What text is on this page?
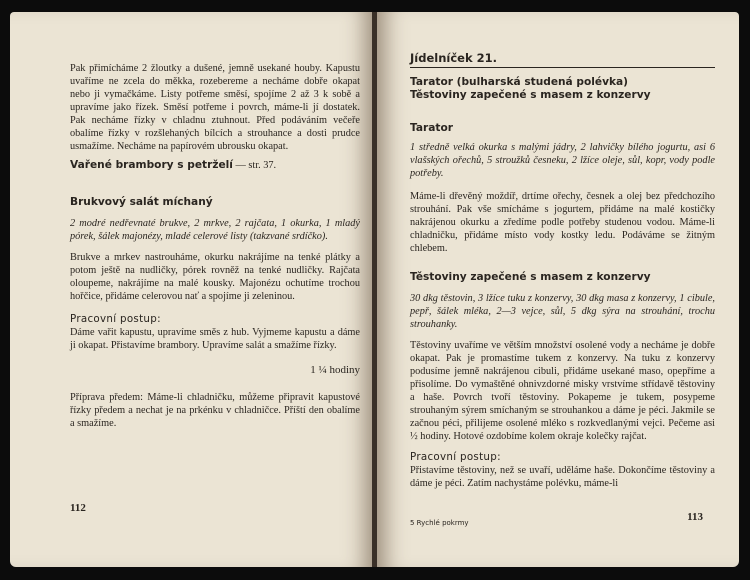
Pak přimícháme 2 žloutky a dušené, jemně usekané houby. Kapustu uvaříme ne zcela do měkka, rozebereme a necháme dobře okapat nebo ji vymačkáme. Listy potřeme směsí, spojíme 2 až 3 k sobě a upravíme jako řízek. Směsí potřeme i povrch, máme-li jí dostatek. Pak necháme řízky v chladnu ztuhnout. Před podáváním večeře obalíme řízky v rozšlehaných bílcích a strouhance a dosti prudce usmažíme. Necháme na papírovém ubrousku okapat.

Vařené brambory s petrželí — str. 37.

Brukvový salát míchaný

2 modré nedřevnaté brukve, 2 mrkve, 2 rajčata, 1 okurka, 1 mladý pórek, šálek majonézy, mladé celerové listy (takzvané srdíčko).

Brukve a mrkev nastrouháme, okurku nakrájíme na tenké plátky a potom ještě na nudličky, pórek rovněž na tenké nudličky. Rajčata oloupeme, nakrájíme na malé kousky. Majonézu ochutíme trochou hořčice, přidáme celerovou nať a spojíme ji zeleninou.

Pracovní postup:

Dáme vařit kapustu, upravíme směs z hub. Vyjmeme kapustu a dáme ji okapat. Přistavíme brambory. Upravíme salát a smažíme řízky.

1 ¼ hodiny

Příprava předem: Máme-li chladničku, můžeme připravit kapustové řízky předem a nechat je na prkénku v chladničce. Příští den obalíme a smažíme.

112

Jídelníček 21.

Tarator (bulharská studená polévka)

Těstoviny zapečené s masem z konzervy

Tarator

1 středně velká okurka s malými jádry, 2 lahvičky bílého jogurtu, asi 6 vlašských ořechů, 5 stroužků česneku, 2 lžíce oleje, sůl, kopr, vody podle potřeby.

Máme-li dřevěný moždíř, drtíme ořechy, česnek a olej bez předchozího strouhání. Pak vše smícháme s jogurtem, přidáme na malé kostičky nakrájenou okurku a zředíme podle potřeby studenou vodou. Máme-li chladničku, přidáme místo vody kostky ledu. Podáváme se žitným chlebem.

Těstoviny zapečené s masem z konzervy

30 dkg těstovin, 3 lžíce tuku z konzervy, 30 dkg masa z konzervy, 1 cibule, pepř, šálek mléka, 2—3 vejce, sůl, 5 dkg sýra na strouhání, trochu strouhanky.

Těstoviny uvaříme ve větším množství osolené vody a necháme je dobře okapat. Pak je promastíme tukem z konzervy. Na tuku z konzervy podusíme jemně nakrájenou cibuli, přidáme usekané maso, opepříme a přisolíme. Do vymaštěné ohnivzdorné misky vrstvíme střídavě těstoviny a haše. Povrch tvoří těstoviny. Pokapeme je tukem, posypeme strouhaným sýrem smíchaným se strouhankou a dáme je péci. Jakmile se začnou péci, přilijeme osolené mléko s rozkvedlanými vejci. Pečeme asi ½ hodiny. Hotové ozdobíme kolem okraje kolečky rajčat.

Pracovní postup:

Přistavíme těstoviny, než se uvaří, uděláme haše. Dokončíme těstoviny a dáme je péci. Zatím nachystáme polévku, máme-li

5 Rychlé pokrmy	113
